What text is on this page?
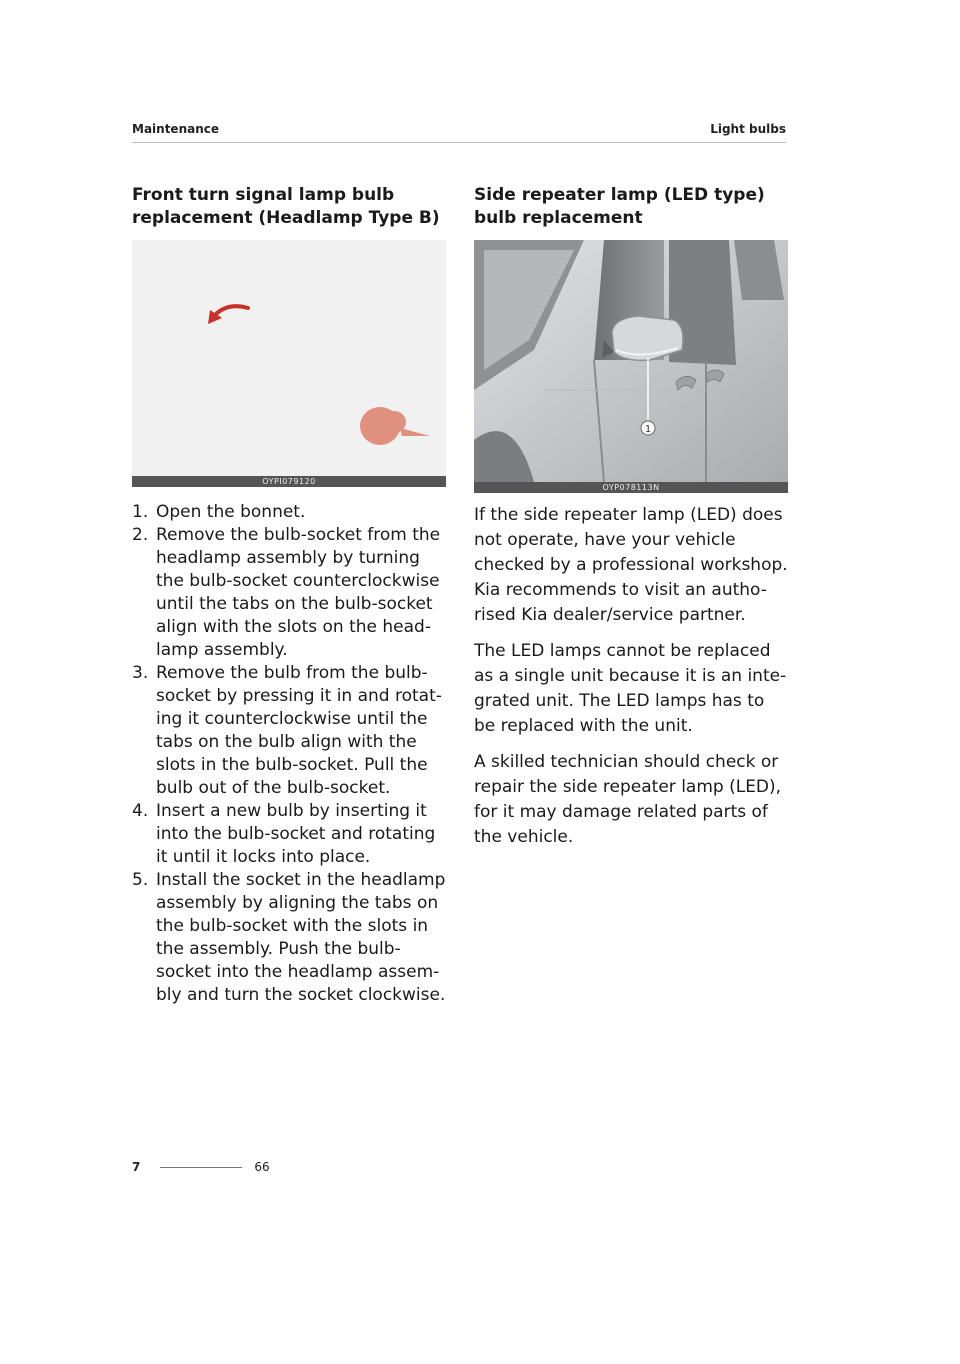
Maintenance	Light bulbs
Front turn signal lamp bulb replacement (Headlamp Type B)
OYPI079120
1. Open the bonnet.
2. Remove the bulb-socket from the headlamp assembly by turning the bulb-socket counterclockwise until the tabs on the bulb-socket align with the slots on the head- lamp assembly.
3. Remove the bulb from the bulb- socket by pressing it in and rotat- ing it counterclockwise until the tabs on the bulb align with the slots in the bulb-socket. Pull the bulb out of the bulb-socket.
4. Insert a new bulb by inserting it into the bulb-socket and rotating it until it locks into place.
5. Install the socket in the headlamp assembly by aligning the tabs on the bulb-socket with the slots in the assembly. Push the bulb- socket into the headlamp assem- bly and turn the socket clockwise.
Side repeater lamp (LED type) bulb replacement
1
OYP078113N

If the side repeater lamp (LED) does not operate, have your vehicle checked by a professional workshop. Kia recommends to visit an autho- rised Kia dealer/service partner.

The LED lamps cannot be replaced as a single unit because it is an inte- grated unit. The LED lamps has to be replaced with the unit.

A skilled technician should check or repair the side repeater lamp (LED), for it may damage related parts of the vehicle.

7	66
